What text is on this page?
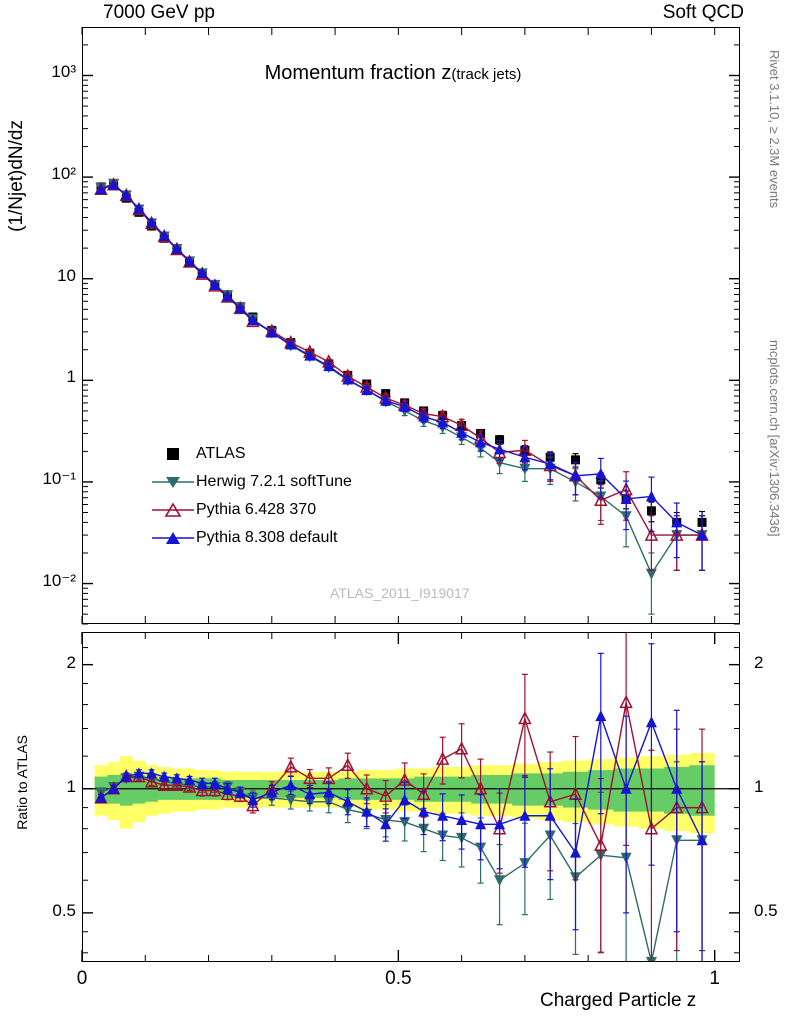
7000 GeV pp	Soft QCD
Rivet 3.1.10, ≥ 2.3M events
mcplots.cern.ch [arXiv:1306.3436]
(1/Njet)dN/dz
Ratio to ATLAS
Charged Particle z
Momentum fraction z(track jets)
ATLAS
Herwig 7.2.1 softTune
Pythia 6.428 370
Pythia 8.308 default
ATLAS_2011_I919017
10³
10²
10
1
10⁻¹
10⁻²
0.5	0.5
1	1
2	2
0	0.5	1
